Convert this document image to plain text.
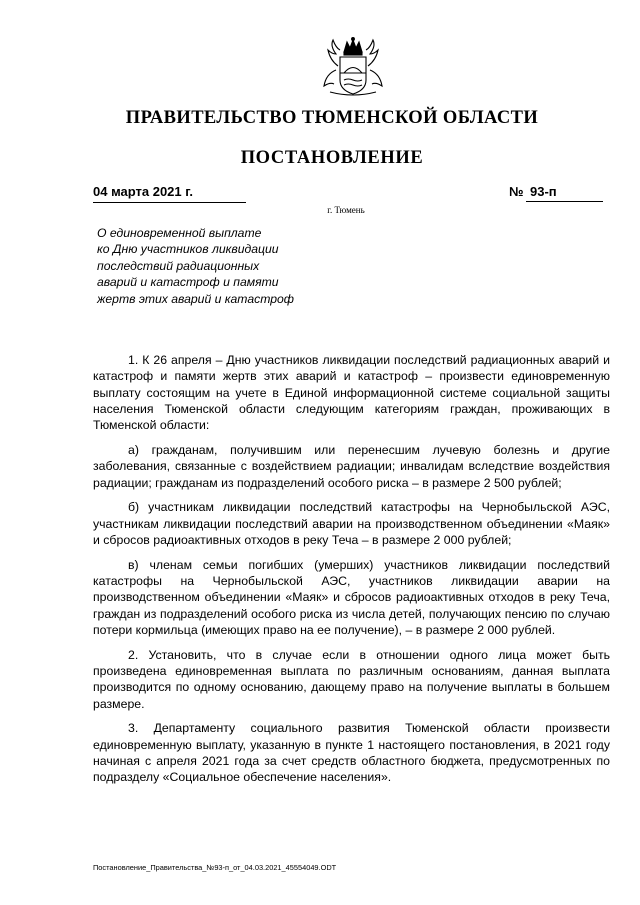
ПРАВИТЕЛЬСТВО ТЮМЕНСКОЙ ОБЛАСТИ
ПОСТАНОВЛЕНИЕ
04 марта 2021 г.	№ 93-п
г. Тюмень
О единовременной выплате
ко Дню участников ликвидации
последствий радиационных
аварий и катастроф и памяти
жертв этих аварий и катастроф

1. К 26 апреля – Дню участников ликвидации последствий радиационных аварий и катастроф и памяти жертв этих аварий и катастроф – произвести единовременную выплату состоящим на учете в Единой информационной системе социальной защиты населения Тюменской области следующим категориям граждан, проживающих в Тюменской области:

а) гражданам, получившим или перенесшим лучевую болезнь и другие заболевания, связанные с воздействием радиации; инвалидам вследствие воздействия радиации; гражданам из подразделений особого риска – в размере 2 500 рублей;

б) участникам ликвидации последствий катастрофы на Чернобыльской АЭС, участникам ликвидации последствий аварии на производственном объединении «Маяк» и сбросов радиоактивных отходов в реку Теча – в размере 2 000 рублей;

в) членам семьи погибших (умерших) участников ликвидации последствий катастрофы на Чернобыльской АЭС, участников ликвидации аварии на производственном объединении «Маяк» и сбросов радиоактивных отходов в реку Теча, граждан из подразделений особого риска из числа детей, получающих пенсию по случаю потери кормильца (имеющих право на ее получение), – в размере 2 000 рублей.

2. Установить, что в случае если в отношении одного лица может быть произведена единовременная выплата по различным основаниям, данная выплата производится по одному основанию, дающему право на получение выплаты в большем размере.

3. Департаменту социального развития Тюменской области произвести единовременную выплату, указанную в пункте 1 настоящего постановления, в 2021 году начиная с апреля 2021 года за счет средств областного бюджета, предусмотренных по подразделу «Социальное обеспечение населения».

Постановление_Правительства_№93-п_от_04.03.2021_45554049.ODT
